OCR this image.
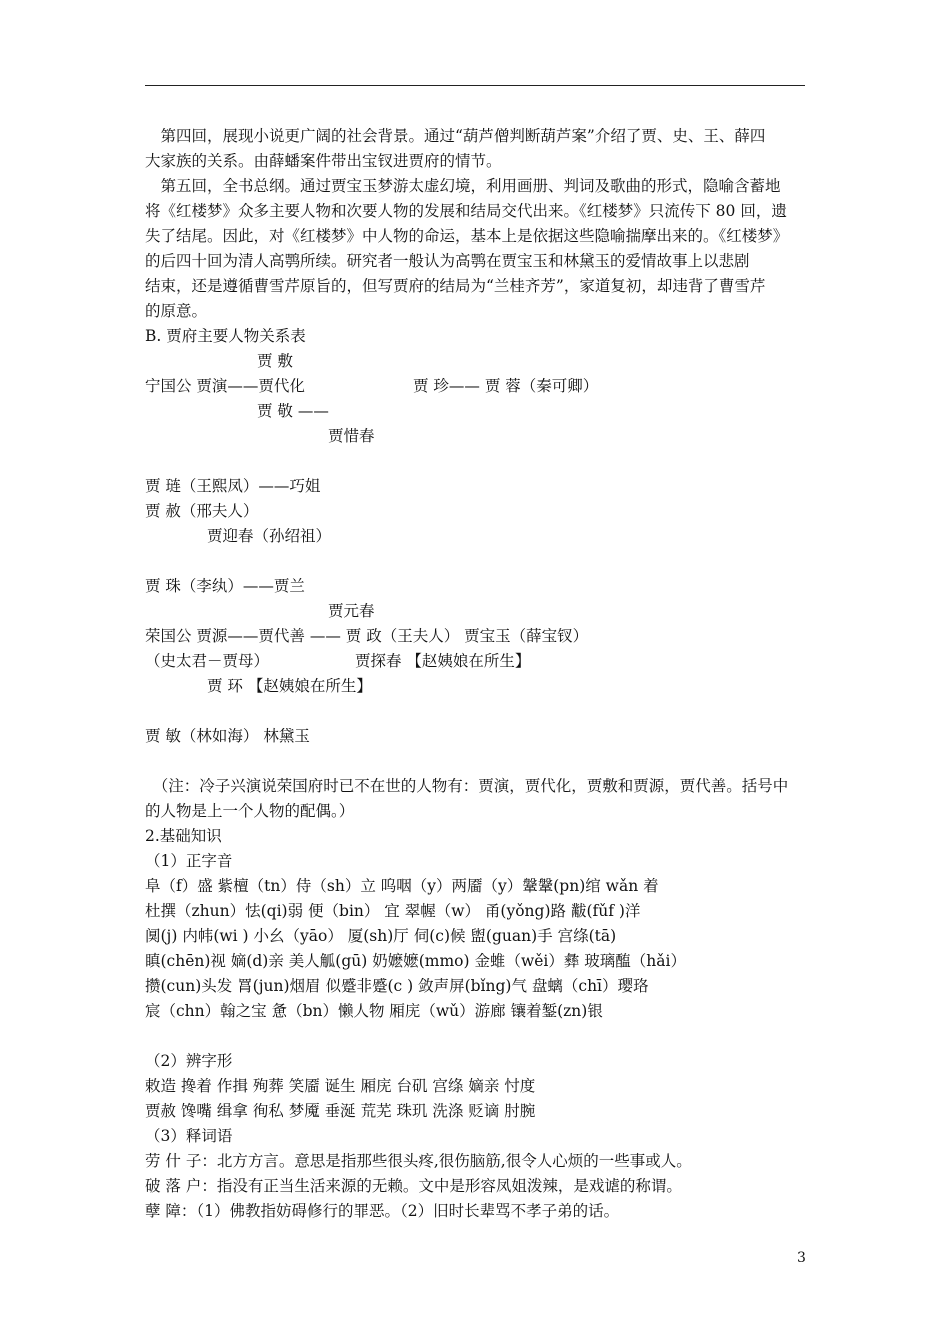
　第四回，展现小说更广阔的社会背景。通过“葫芦僧判断葫芦案”介绍了贾、史、王、薛四
大家族的关系。由薛蟠案件带出宝钗进贾府的情节。
　第五回，全书总纲。通过贾宝玉梦游太虚幻境，利用画册、判词及歌曲的形式，隐喻含蓄地
将《红楼梦》众多主要人物和次要人物的发展和结局交代出来。《红楼梦》只流传下 80 回，遗
失了结尾。因此，对《红楼梦》中人物的命运，基本上是依据这些隐喻揣摩出来的。《红楼梦》
的后四十回为清人高鹗所续。研究者一般认为高鹗在贾宝玉和林黛玉的爱情故事上以悲剧
结束，还是遵循曹雪芹原旨的，但写贾府的结局为“兰桂齐芳”，家道复初，却违背了曹雪芹
的原意。
B. 贾府主要人物关系表
贾 敷
宁国公 贾演——贾代化	贾 珍—— 贾 蓉（秦可卿）
贾 敬 ——
贾惜春
贾 琏（王熙凤）——巧姐
贾 赦（邢夫人）
贾迎春（孙绍祖）
贾 珠（李纨）——贾兰
贾元春
荣国公 贾源——贾代善 —— 贾 政（王夫人） 贾宝玉（薛宝钗）
（史太君－贾母）	贾探春 【赵姨娘在所生】
贾 环 【赵姨娘在所生】
贾 敏（林如海） 林黛玉
　（注：冷子兴演说荣国府时已不在世的人物有：贾演，贾代化，贾敷和贾源，贾代善。括号中
的人物是上一个人物的配偶。）
2.基础知识
（1）正字音
阜（f）盛 紫檀（tn）侍（sh）立 呜咽（y）两靥（y）鞶鞶(pn)绾 wǎn 着
杜撰（zhun）怯(qi)弱 便（bin） 宜 翠幄（w） 甬(yǒng)路 黻(fǔf )洋
阒(j) 内帏(wi ) 小幺（yāo） 厦(sh)厅 伺(c)候 盥(guan)手 宫绦(tā)
瞋(chēn)视 嫡(d)亲 美人觚(gū) 奶嬷嬷(mmo) 金蜼（wěi）彝 玻璃醢（hǎi）
攒(cun)头发 罥(jun)烟眉 似蹙非蹙(c ) 敛声屏(bǐng)气 盘螭（chī）璎珞
宸（chn）翰之宝 惫（bn）懒人物 厢庑（wǔ）游廊 镶着錾(zn)银
（2）辨字形
敕造 搀着 作揖 殉葬 笑靥 诞生 厢庑 台矶 宫绦 嫡亲 忖度
贾赦 馋嘴 缉拿 徇私 梦魇 垂涎 荒芜 珠玑 洗涤 贬谪 肘腕
（3）释词语
劳 什 子：北方方言。意思是指那些很头疼,很伤脑筋,很令人心烦的一些事或人。
破 落 户：指没有正当生活来源的无赖。文中是形容凤姐泼辣，是戏谑的称谓。
孽 障：（1）佛教指妨碍修行的罪恶。（2）旧时长辈骂不孝子弟的话。
3
